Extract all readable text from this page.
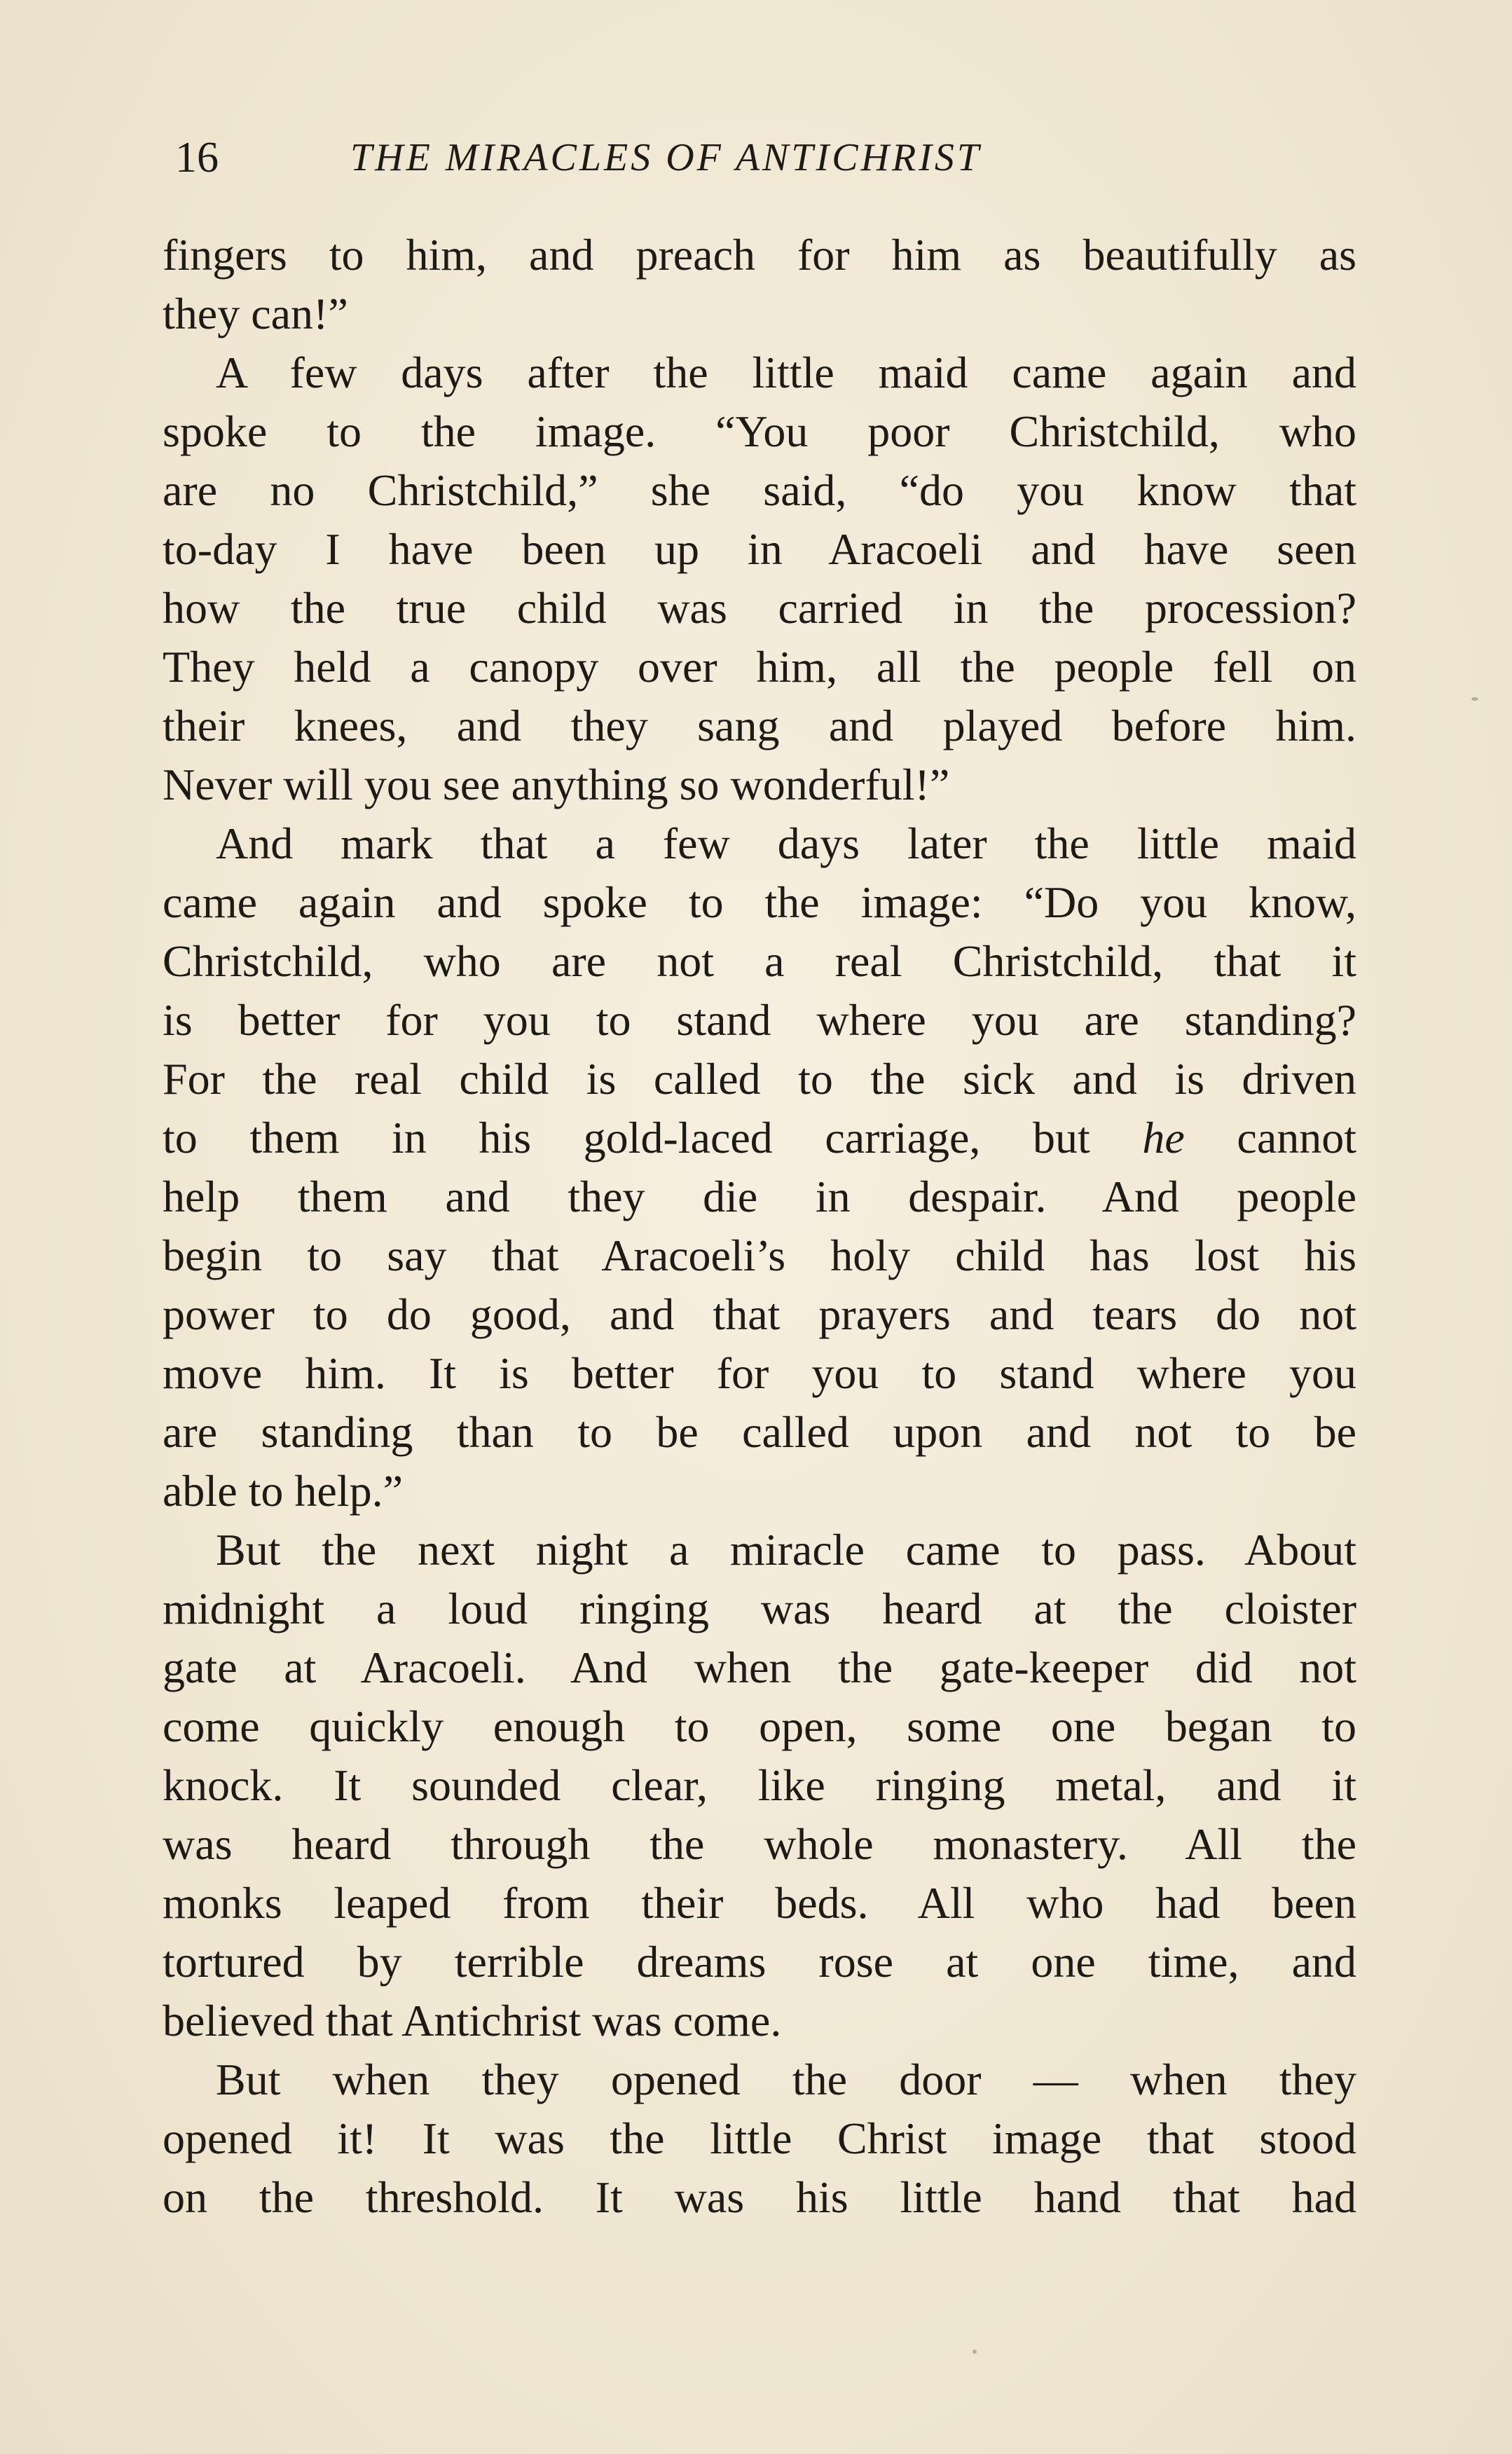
16	THE MIRACLES OF ANTICHRIST
fingers to him, and preach for him as beautifully as
they can!”
A few days after the little maid came again and
spoke to the image. “You poor Christchild, who
are no Christchild,” she said, “do you know that
to-day I have been up in Aracoeli and have seen
how the true child was carried in the procession?
They held a canopy over him, all the people fell on
their knees, and they sang and played before him.
Never will you see anything so wonderful!”
And mark that a few days later the little maid
came again and spoke to the image: “Do you know,
Christchild, who are not a real Christchild, that it
is better for you to stand where you are standing?
For the real child is called to the sick and is driven
to them in his gold-laced carriage, but he cannot
help them and they die in despair. And people
begin to say that Aracoeli’s holy child has lost his
power to do good, and that prayers and tears do not
move him. It is better for you to stand where you
are standing than to be called upon and not to be
able to help.”
But the next night a miracle came to pass. About
midnight a loud ringing was heard at the cloister
gate at Aracoeli. And when the gate-keeper did not
come quickly enough to open, some one began to
knock. It sounded clear, like ringing metal, and it
was heard through the whole monastery. All the
monks leaped from their beds. All who had been
tortured by terrible dreams rose at one time, and
believed that Antichrist was come.
But when they opened the door — when they
opened it! It was the little Christ image that stood
on the threshold. It was his little hand that had
